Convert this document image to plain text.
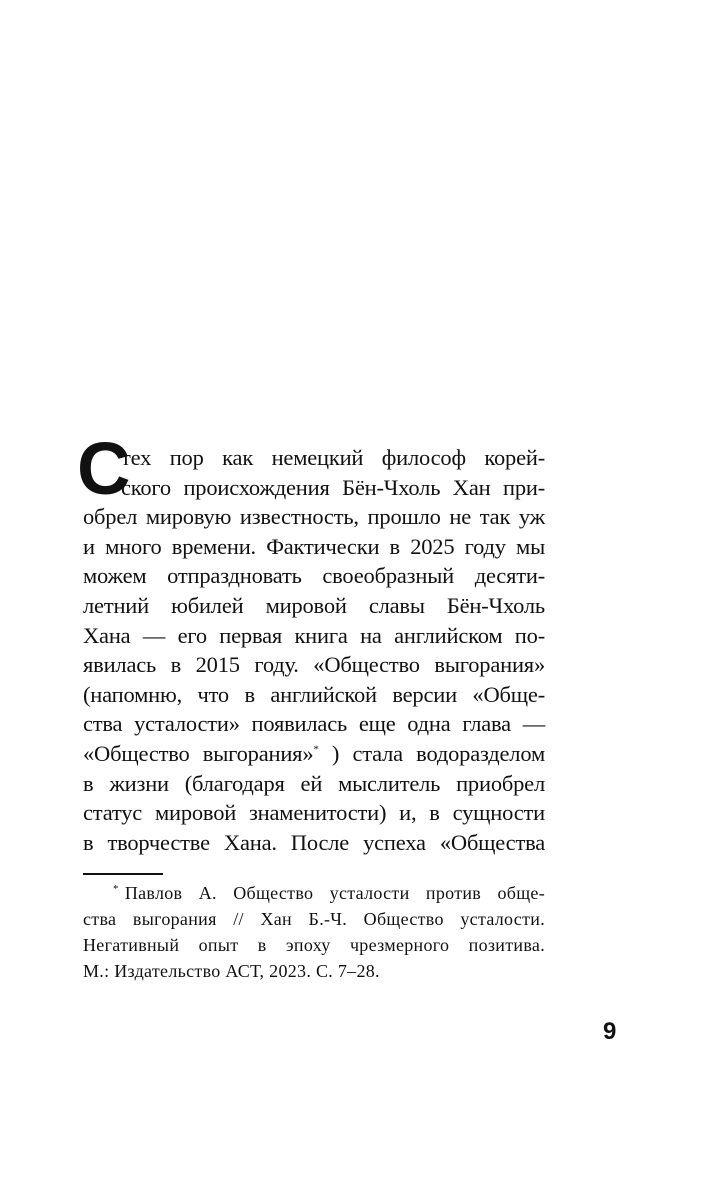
С
тех пор как немецкий философ корей-
ского происхождения Бён-Чхоль Хан при-
обрел мировую известность, прошло не так уж
и много времени. Фактически в 2025 году мы
можем отпраздновать своеобразный десяти-
летний юбилей мировой славы Бён-Чхоль
Хана — его первая книга на английском по-
явилась в 2015 году. «Общество выгорания»
(напомню, что в английской версии «Обще-
ства усталости» появилась еще одна глава —
«Общество выгорания»* ) стала водоразделом
в жизни (благодаря ей мыслитель приобрел
статус мировой знаменитости) и, в сущности
в творчестве Хана. После успеха «Общества
* Павлов А. Общество усталости против обще-
ства выгорания // Хан Б.-Ч. Общество усталости.
Негативный опыт в эпоху чрезмерного позитива.
М.: Издательство АСТ, 2023. С. 7–28.
9
